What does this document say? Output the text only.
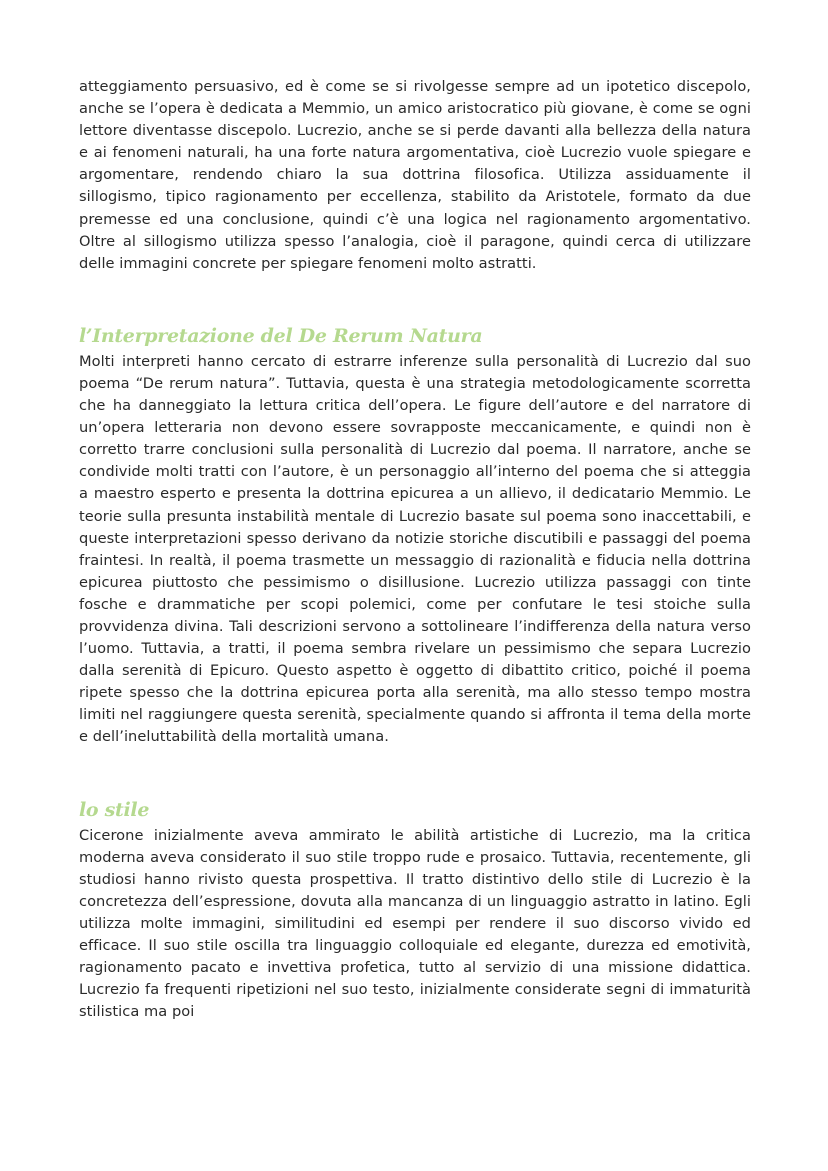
atteggiamento persuasivo, ed è come se si rivolgesse sempre ad un ipotetico discepolo, anche se l’opera è dedicata a Memmio, un amico aristocratico più giovane, è come se ogni lettore diventasse discepolo. Lucrezio, anche se si perde davanti alla bellezza della natura e ai fenomeni naturali, ha una forte natura argomentativa, cioè Lucrezio vuole spiegare e argomentare, rendendo chiaro la sua dottrina filosofica. Utilizza assiduamente il sillogismo, tipico ragionamento per eccellenza, stabilito da Aristotele, formato da due premesse ed una conclusione, quindi c’è una logica nel ragionamento argomentativo. Oltre al sillogismo utilizza spesso l’analogia, cioè il paragone, quindi cerca di utilizzare delle immagini concrete per spiegare fenomeni molto astratti.

l’Interpretazione del De Rerum Natura

Molti interpreti hanno cercato di estrarre inferenze sulla personalità di Lucrezio dal suo poema “De rerum natura”. Tuttavia, questa è una strategia metodologicamente scorretta che ha danneggiato la lettura critica dell’opera. Le figure dell’autore e del narratore di un’opera letteraria non devono essere sovrapposte meccanicamente, e quindi non è corretto trarre conclusioni sulla personalità di Lucrezio dal poema. Il narratore, anche se condivide molti tratti con l’autore, è un personaggio all’interno del poema che si atteggia a maestro esperto e presenta la dottrina epicurea a un allievo, il dedicatario Memmio. Le teorie sulla presunta instabilità mentale di Lucrezio basate sul poema sono inaccettabili, e queste interpretazioni spesso derivano da notizie storiche discutibili e passaggi del poema fraintesi. In realtà, il poema trasmette un messaggio di razionalità e fiducia nella dottrina epicurea piuttosto che pessimismo o disillusione. Lucrezio utilizza passaggi con tinte fosche e drammatiche per scopi polemici, come per confutare le tesi stoiche sulla provvidenza divina. Tali descrizioni servono a sottolineare l’indifferenza della natura verso l’uomo. Tuttavia, a tratti, il poema sembra rivelare un pessimismo che separa Lucrezio dalla serenità di Epicuro. Questo aspetto è oggetto di dibattito critico, poiché il poema ripete spesso che la dottrina epicurea porta alla serenità, ma allo stesso tempo mostra limiti nel raggiungere questa serenità, specialmente quando si affronta il tema della morte e dell’ineluttabilità della mortalità umana.

lo stile

Cicerone inizialmente aveva ammirato le abilità artistiche di Lucrezio, ma la critica moderna aveva considerato il suo stile troppo rude e prosaico. Tuttavia, recentemente, gli studiosi hanno rivisto questa prospettiva. Il tratto distintivo dello stile di Lucrezio è la concretezza dell’espressione, dovuta alla mancanza di un linguaggio astratto in latino. Egli utilizza molte immagini, similitudini ed esempi per rendere il suo discorso vivido ed efficace. Il suo stile oscilla tra linguaggio colloquiale ed elegante, durezza ed emotività, ragionamento pacato e invettiva profetica, tutto al servizio di una missione didattica. Lucrezio fa frequenti ripetizioni nel suo testo, inizialmente considerate segni di immaturità stilistica ma poi
